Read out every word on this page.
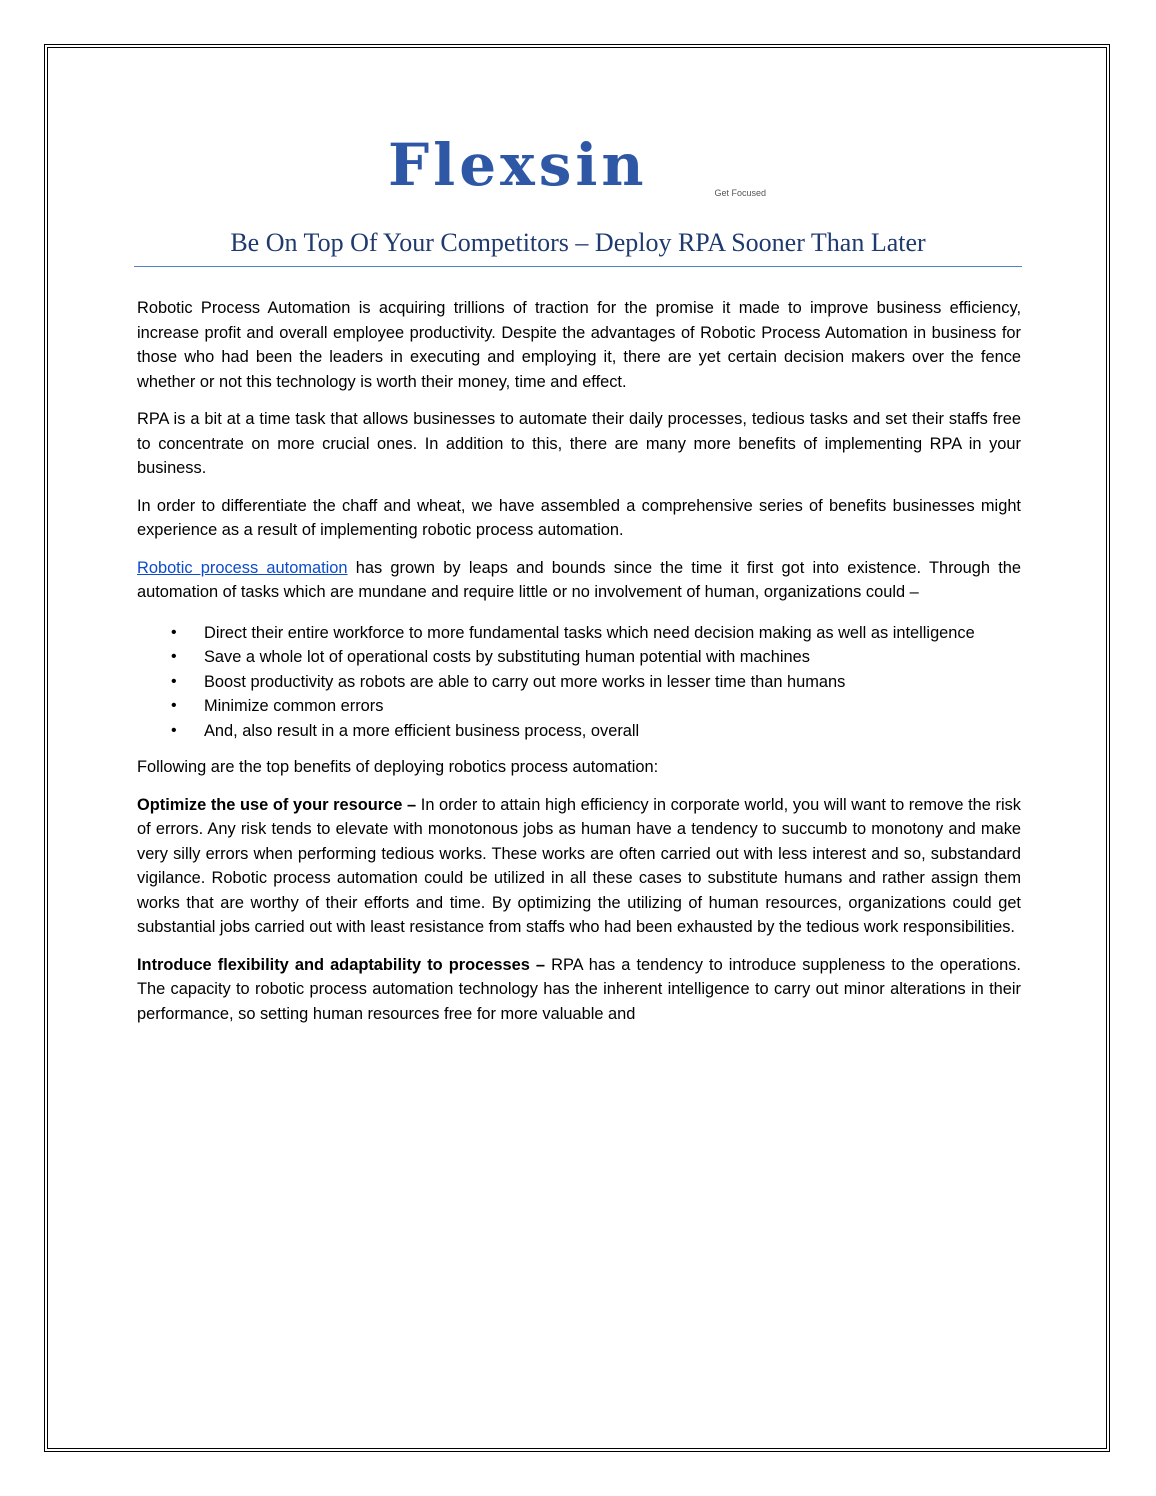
Flexsin	Get Focused
Be On Top Of Your Competitors – Deploy RPA Sooner Than Later

Robotic Process Automation is acquiring trillions of traction for the promise it made to improve business efficiency, increase profit and overall employee productivity. Despite the advantages of Robotic Process Automation in business for those who had been the leaders in executing and employing it, there are yet certain decision makers over the fence whether or not this technology is worth their money, time and effect.

RPA is a bit at a time task that allows businesses to automate their daily processes, tedious tasks and set their staffs free to concentrate on more crucial ones. In addition to this, there are many more benefits of implementing RPA in your business.

In order to differentiate the chaff and wheat, we have assembled a comprehensive series of benefits businesses might experience as a result of implementing robotic process automation.

Robotic process automation has grown by leaps and bounds since the time it first got into existence. Through the automation of tasks which are mundane and require little or no involvement of human, organizations could –

• Direct their entire workforce to more fundamental tasks which need decision making as well as intelligence
• Save a whole lot of operational costs by substituting human potential with machines
• Boost productivity as robots are able to carry out more works in lesser time than humans
• Minimize common errors
• And, also result in a more efficient business process, overall

Following are the top benefits of deploying robotics process automation:

Optimize the use of your resource – In order to attain high efficiency in corporate world, you will want to remove the risk of errors. Any risk tends to elevate with monotonous jobs as human have a tendency to succumb to monotony and make very silly errors when performing tedious works. These works are often carried out with less interest and so, substandard vigilance. Robotic process automation could be utilized in all these cases to substitute humans and rather assign them works that are worthy of their efforts and time. By optimizing the utilizing of human resources, organizations could get substantial jobs carried out with least resistance from staffs who had been exhausted by the tedious work responsibilities.

Introduce flexibility and adaptability to processes – RPA has a tendency to introduce suppleness to the operations. The capacity to robotic process automation technology has the inherent intelligence to carry out minor alterations in their performance, so setting human resources free for more valuable and
